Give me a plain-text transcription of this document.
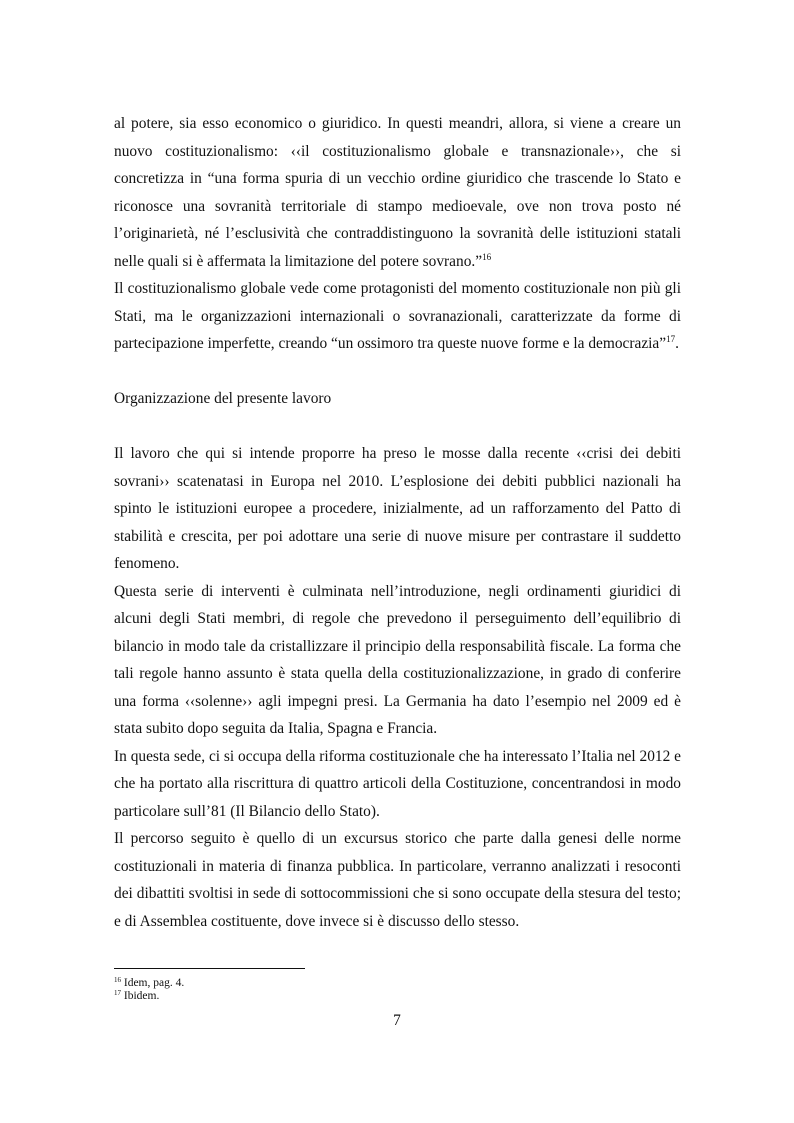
al potere, sia esso economico o giuridico. In questi meandri, allora, si viene a creare un nuovo costituzionalismo: ‹‹il costituzionalismo globale e transnazionale››, che si concretizza in “una forma spuria di un vecchio ordine giuridico che trascende lo Stato e riconosce una sovranità territoriale di stampo medioevale, ove non trova posto né l’originarietà, né l’esclusività che contraddistinguono la sovranità delle istituzioni statali nelle quali si è affermata la limitazione del potere sovrano.”$^{16}$

Il costituzionalismo globale vede come protagonisti del momento costituzionale non più gli Stati, ma le organizzazioni internazionali o sovranazionali, caratterizzate da forme di partecipazione imperfette, creando “un ossimoro tra queste nuove forme e la democrazia”$^{17}$.

Organizzazione del presente lavoro

Il lavoro che qui si intende proporre ha preso le mosse dalla recente ‹‹crisi dei debiti sovrani›› scatenatasi in Europa nel 2010. L’esplosione dei debiti pubblici nazionali ha spinto le istituzioni europee a procedere, inizialmente, ad un rafforzamento del Patto di stabilità e crescita, per poi adottare una serie di nuove misure per contrastare il suddetto fenomeno.

Questa serie di interventi è culminata nell’introduzione, negli ordinamenti giuridici di alcuni degli Stati membri, di regole che prevedono il perseguimento dell’equilibrio di bilancio in modo tale da cristallizzare il principio della responsabilità fiscale. La forma che tali regole hanno assunto è stata quella della costituzionalizzazione, in grado di conferire una forma ‹‹solenne›› agli impegni presi. La Germania ha dato l’esempio nel 2009 ed è stata subito dopo seguita da Italia, Spagna e Francia.

In questa sede, ci si occupa della riforma costituzionale che ha interessato l’Italia nel 2012 e che ha portato alla riscrittura di quattro articoli della Costituzione, concentrandosi in modo particolare sull’81 (Il Bilancio dello Stato).

Il percorso seguito è quello di un excursus storico che parte dalla genesi delle norme costituzionali in materia di finanza pubblica. In particolare, verranno analizzati i resoconti dei dibattiti svoltisi in sede di sottocommissioni che si sono occupate della stesura del testo; e di Assemblea costituente, dove invece si è discusso dello stesso.

$^{16}$ Idem, pag. 4.

$^{17}$ Ibidem.

7
